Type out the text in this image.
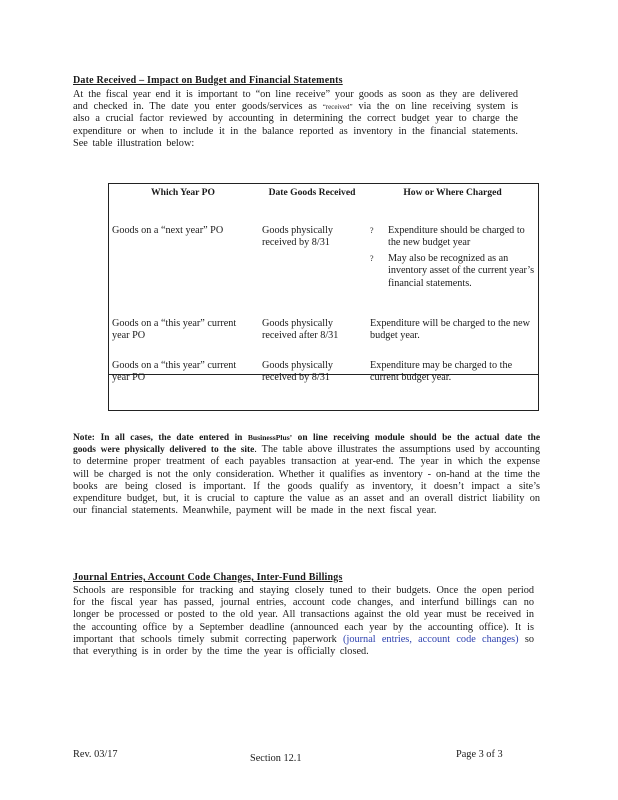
Date Received – Impact on Budget and Financial Statements
At the fiscal year end it is important to “on line receive” your goods as soon as they are delivered and checked in. The date you enter goods/services as “received” via the on line receiving system is also a crucial factor reviewed by accounting in determining the correct budget year to charge the expenditure or when to include it in the balance reported as inventory in the financial statements. See table illustration below:
Which Year PO	Date Goods Received	How or Where Charged
Goods on a “next year” PO	Goods physically received by 8/31	? Expenditure should be charged to the new budget year
? May also be recognized as an inventory asset of the current year’s financial statements.

Goods on a “this year” current year PO	Goods physically received after 8/31	Expenditure will be charged to the new budget year.
Goods on a “this year” current year PO	Goods physically received by 8/31	Expenditure may be charged to the current budget year.
Note: In all cases, the date entered in BusinessPlus’ on line receiving module should be the actual date the goods were physically delivered to the site. The table above illustrates the assumptions used by accounting to determine proper treatment of each payables transaction at year-end. The year in which the expense will be charged is not the only consideration. Whether it qualifies as inventory - on-hand at the time the books are being closed is important. If the goods qualify as inventory, it doesn’t impact a site’s expenditure budget, but, it is crucial to capture the value as an asset and an overall district liability on our financial statements. Meanwhile, payment will be made in the next fiscal year.
Journal Entries, Account Code Changes, Inter-Fund Billings
Schools are responsible for tracking and staying closely tuned to their budgets. Once the open period for the fiscal year has passed, journal entries, account code changes, and interfund billings can no longer be processed or posted to the old year. All transactions against the old year must be received in the accounting office by a September deadline (announced each year by the accounting office). It is important that schools timely submit correcting paperwork (journal entries, account code changes) so that everything is in order by the time the year is officially closed.
Rev. 03/17	Section 12.1	Page 3 of 3
